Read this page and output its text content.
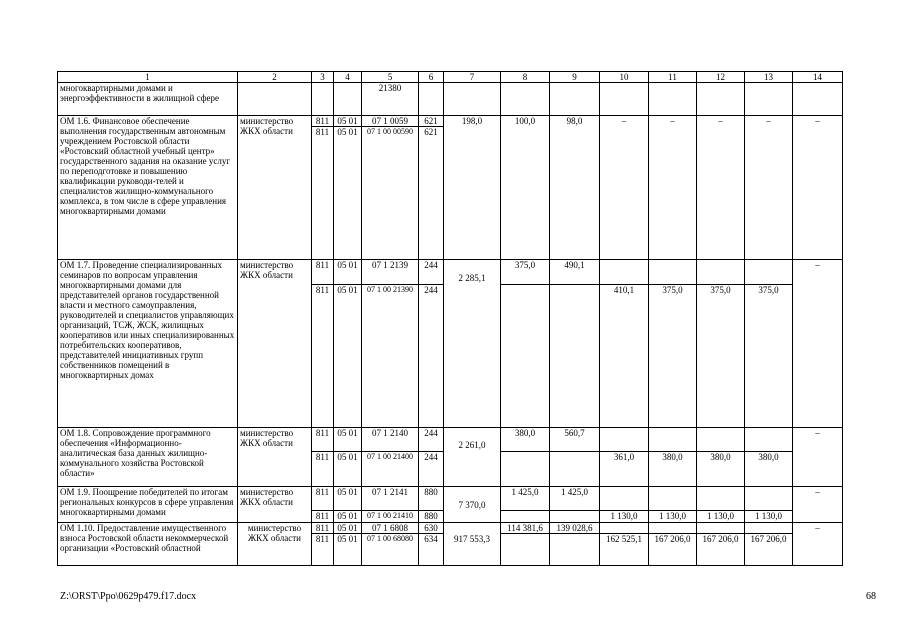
1	2	3	4	5	6	7	8	9	10	11	12	13	14
многоквартирными домами и энергоэффективности в жилищной сфере				21380									
ОМ 1.6. Финансовое обеспечение выполнения государственным автономным учреждением Ростовской области «Ростовский областной учебный центр» государственного задания на оказание услуг по переподготовке и повышению квалификации руководи-телей и специалистов жилищно-коммунального комплекса, в том числе в сфере управления многоквартирными домами	министерство ЖКХ области	811	05 01	07 1 0059	621	198,0	100,0	98,0	–	–	–	–	–
		811	05 01	07 1 00 00590	621								
ОМ 1.7. Проведение специализированных семинаров по вопросам управления многоквартирными домами для представителей органов государственной власти и местного самоуправления, руководителей и специалистов управляющих организаций, ТСЖ, ЖСК, жилищных кооперативов или иных специализированных потребительских кооперативов, представителей инициативных групп собственников помещений в многоквартирных домах	министерство ЖКХ области	811	05 01	07 1 2139	244	2 285,1	375,0	490,1					–
		811	05 01	07 1 00 21390	244				410,1	375,0	375,0	375,0	
ОМ 1.8. Сопровождение программного обеспечения «Информационно-аналитическая база данных жилищно-коммунального хозяйства Ростовской области»	министерство ЖКХ области	811	05 01	07 1 2140	244	2 261,0	380,0	560,7					–
		811	05 01	07 1 00 21400	244				361,0	380,0	380,0	380,0	
ОМ 1.9. Поощрение победителей по итогам региональных конкурсов в сфере управления многоквартирными домами	министерство ЖКХ области	811	05 01	07 1 2141	880	7 370,0	1 425,0	1 425,0					–
		811	05 01	07 1 00 21410	880				1 130,0	1 130,0	1 130,0	1 130,0	
ОМ 1.10. Предоставление имущественного взноса Ростовской области некоммерческой организации «Ростовский областной	министерство ЖКХ области	811	05 01	07 1 6808	630	917 553,3	114 381,6	139 028,6					–
		811	05 01	07 1 00 68080	634				162 525,1	167 206,0	167 206,0	167 206,0	
Z:\ORST\Ppo\0629p479.f17.docx	68
